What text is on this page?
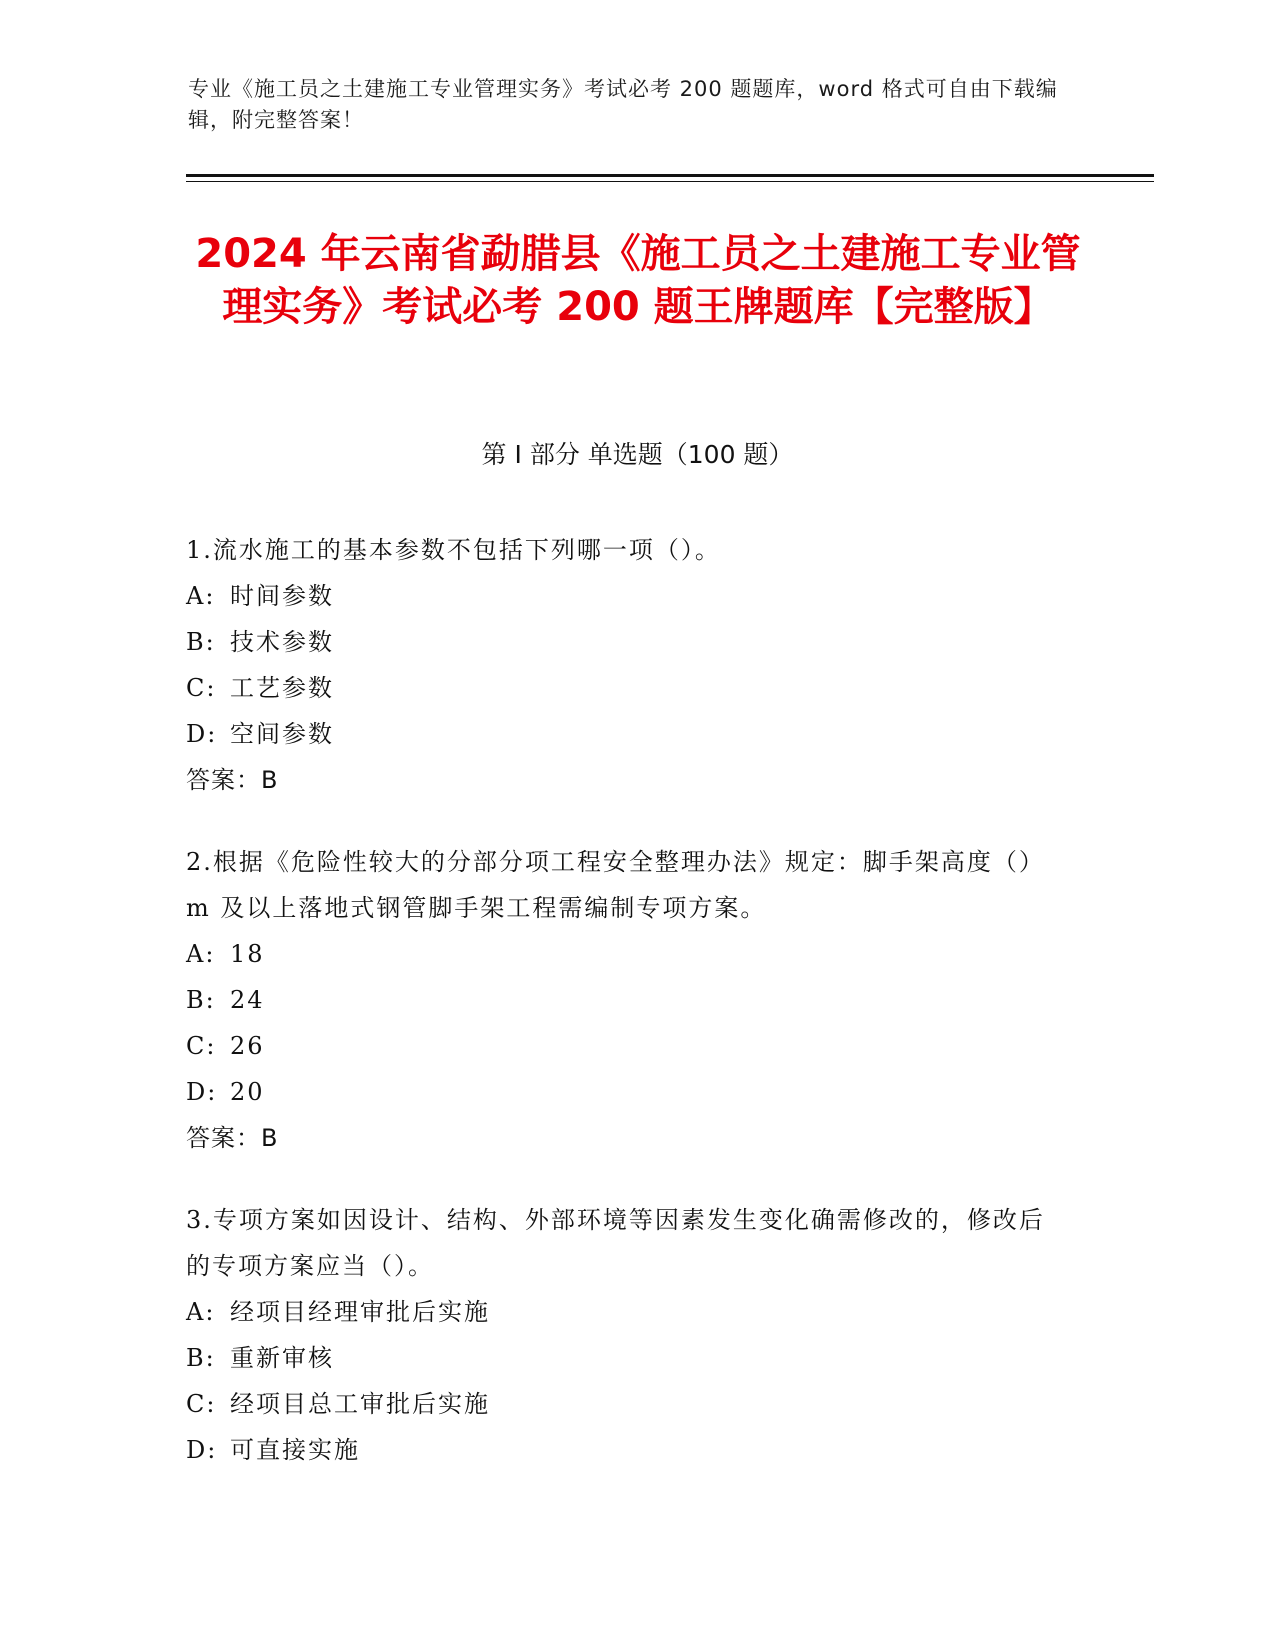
专业《施工员之土建施工专业管理实务》考试必考 200 题题库，word 格式可自由下载编辑，附完整答案！
2024 年云南省勐腊县《施工员之土建施工专业管理实务》考试必考 200 题王牌题库【完整版】
第 I 部分 单选题（100 题）
1.流水施工的基本参数不包括下列哪一项（）。
A: 时间参数
B: 技术参数
C: 工艺参数
D: 空间参数
答案：B
2.根据《危险性较大的分部分项工程安全整理办法》规定：脚手架高度（）m 及以上落地式钢管脚手架工程需编制专项方案。
A: 18
B: 24
C: 26
D: 20
答案：B
3.专项方案如因设计、结构、外部环境等因素发生变化确需修改的，修改后的专项方案应当（）。
A: 经项目经理审批后实施
B: 重新审核
C: 经项目总工审批后实施
D: 可直接实施
